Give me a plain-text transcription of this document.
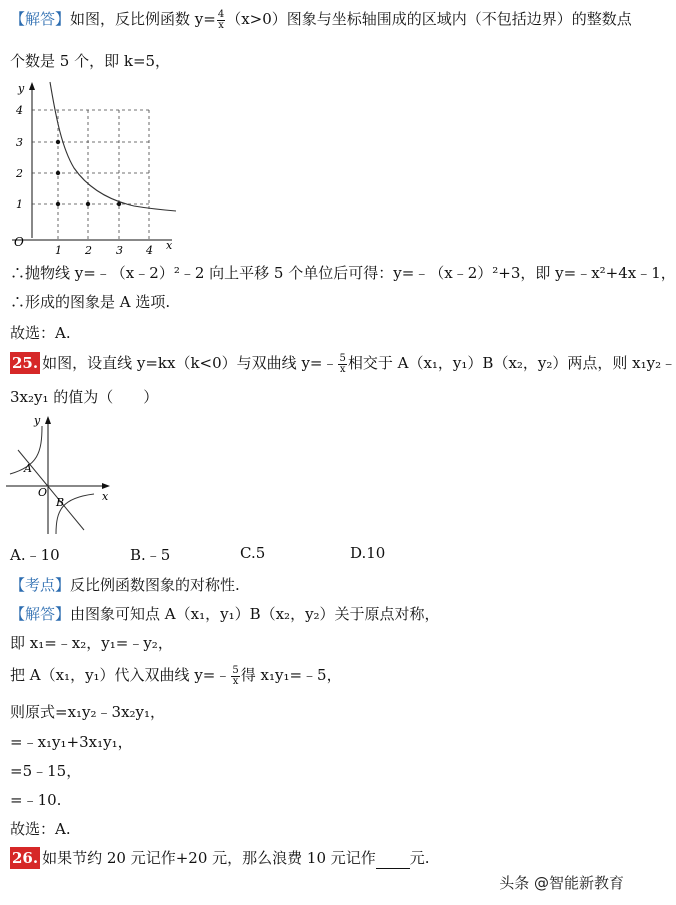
【解答】如图，反比例函数 $y= \frac{4}{x} (x>0)$图象与坐标轴围成的区域内（不包括边界）的整数点
个数是 5 个，即 k=5，
y
x
O
4
3
2
1
1 2 3 4
∴抛物线 y=﹣（x﹣2）²﹣2 向上平移 5 个单位后可得：y=﹣（x﹣2）²+3，即 y=﹣x²+4x﹣1，
∴形成的图象是 A 选项.
故选：A.
25. 如图，设直线 y=kx（k<0）与双曲线 y=﹣ $\frac{5}{x}$ 相交于 A（x₁，y₁）B（x₂，y₂）两点，则 x₁y₂﹣
3x₂y₁ 的值为（　　）
y
x
O
A
B
A.﹣10	B.﹣5	C.5	D.10
【考点】反比例函数图象的对称性.
【解答】由图象可知点 A（x₁，y₁）B（x₂，y₂）关于原点对称，
即 x₁=﹣x₂，y₁=﹣y₂，
把 A（x₁，y₁）代入双曲线 y=﹣ $\frac{5}{x}$ 得 x₁y₁=﹣5，
则原式=x₁y₂﹣3x₂y₁，
=﹣x₁y₁+3x₁y₁，
=5﹣15，
=﹣10.
故选：A.
26. 如果节约 20 元记作+20 元，那么浪费 10 元记作 元.
头条 @智能新教育
